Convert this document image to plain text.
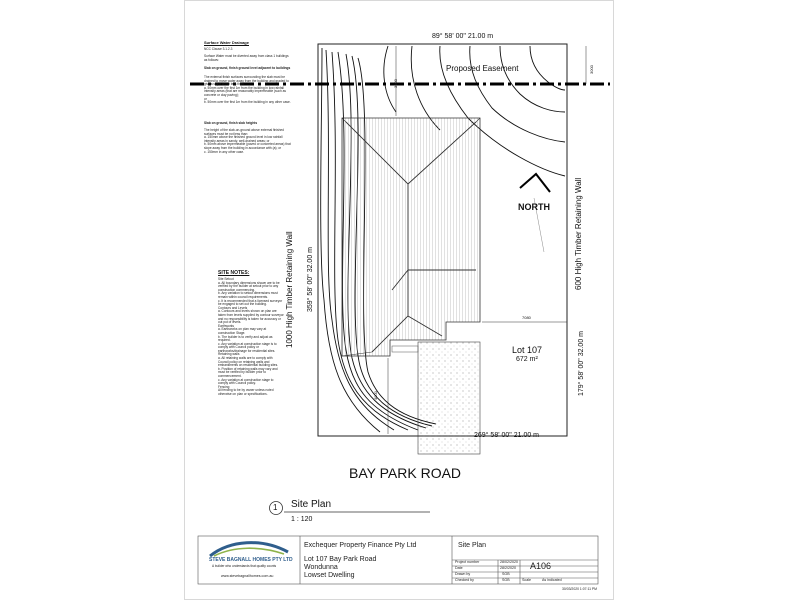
Surface Water Drainage
NCC Clause 3.1.2.3
Surface Water must be diverted away from class 1 buildings as follows:
Slab on ground, finish ground level adjacent to buildings
The external finish surfaces surrounding the slab must be drained to move water away from the building and graded to give a slope of not less than:
a. 50mm over the first 1m from the building in low rainfall intensity areas (that are reasonably impermeable (such as concrete or clay paving);
or
b. 50mm over the first 1m from the building in any other case.
Slab on ground, finish slab heights
The height of the slab-on-ground above external finished surfaces must be not less than:
a. 150mm above the finished ground level in low rainfall intensity areas in sandy, well-drained areas; or
b. 50mm above impermeable (paved or concreted areas) that slope away from the building in accordance with (a); or
c. 150mm in any other case.
SITE NOTES:
Site Setout
a. All boundary dimensions shown are to be verified by the builder at setout prior to any construction commencing.
b. Any variation to setout dimensions must remain within council requirements.
c. It is recommended that a licensed surveyor be engaged to set out the building.
Contours and Levels
a. Contours and levels shown on plan are taken from levels supplied by contour surveyor and no responsibility is taken for accuracy or out put of levels.
Earthworks
a. Earthworks on plan may vary at construction Stage.
b. The builder is to verify and adjust as required.
c. Any variation at construction stage is to comply with Council policy or earthworks/drainage for residential sites.
Retaining walls
a. All retaining walls are to comply with Council policy on retaining walls and embankments on residential building sites.
b. Position of retaining walls may vary and must be verified by builder prior to commencement.
c. Any variation at construction stage to comply with Council policy.
Fencing
All fencing to be by owner unless noted otherwise on plan or specifications.
89° 58' 00" 21.00 m
269° 58' 00" 21.00 m
359° 58' 00" 32.00 m
179° 58' 00" 32.00 m
1000 High Timber Retaining Wall	600 High Timber Retaining Wall
Proposed Easement
3000
3000
7080
4000
NORTH
Lot 107
672 m²
BAY PARK ROAD
1 Site Plan
1 : 120
STEVE BAGNALL HOMES PTY LTD
A builder who understands that quality counts
www.stevebagnallhomes.com.au
Exchequer Property Finance Pty Ltd
Lot 107 Bay Park Road
Wondunna
Lowset Dwelling
Site Plan
Project number	28/02/2020
Date	28/2/2020
Drawn by	SGB
Checked by	SGB	Scale	As indicated
A106
30/03/2020 1:07:11 PM
